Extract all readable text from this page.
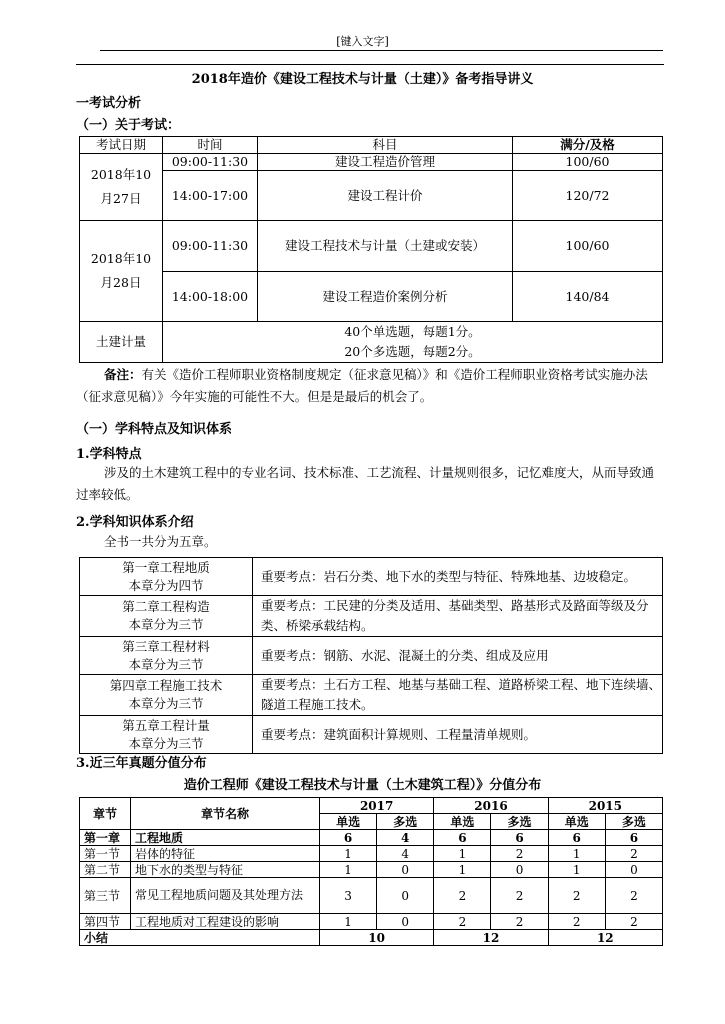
[键入文字]
2018年造价《建设工程技术与计量（土建）》备考指导讲义
一考试分析
（一）关于考试：
考试日期	时间	科目	满分/及格

2018年10
月27日	09:00-11:30	建设工程造价管理	100/60
	14:00-17:00	建设工程计价	120/72

2018年10
月28日	09:00-11:30	建设工程技术与计量（土建或安装）	100/60
	14:00-18:00	建设工程造价案例分析	140/84
土建计量	40个单选题，每题1分。
20个多选题，每题2分。		
备注：有关《造价工程师职业资格制度规定（征求意见稿）》和《造价工程师职业资格考试实施办法（征求意见稿）》今年实施的可能性不大。但是是最后的机会了。
（一）学科特点及知识体系
1.学科特点
涉及的土木建筑工程中的专业名词、技术标准、工艺流程、计量规则很多，记忆难度大，从而导致通过率较低。
2.学科知识体系介绍
全书一共分为五章。
第一章工程地质
本章分为四节	重要考点：岩石分类、地下水的类型与特征、特殊地基、边坡稳定。

第二章工程构造
本章分为三节	重要考点：工民建的分类及适用、基础类型、路基形式及路面等级及分类、桥梁承载结构。

第三章工程材料
本章分为三节	重要考点：钢筋、水泥、混凝土的分类、组成及应用

第四章工程施工技术
本章分为三节	重要考点：土石方工程、地基与基础工程、道路桥梁工程、地下连续墙、隧道工程施工技术。

第五章工程计量
本章分为三节	重要考点：建筑面积计算规则、工程量清单规则。
3.近三年真题分值分布
造价工程师《建设工程技术与计量（土木建筑工程）》分值分布
章节	章节名称	2017		2016		2015	
		单选	多选	单选	多选	单选	多选
第一章	工程地质	6	4	6	6	6	6
第一节	岩体的特征	1	4	1	2	1	2
第二节	地下水的类型与特征	1	0	1	0	1	0
第三节	常见工程地质问题及其处理方法	3	0	2	2	2	2
第四节	工程地质对工程建设的影响	1	0	2	2	2	2
小结		10		12		12	
